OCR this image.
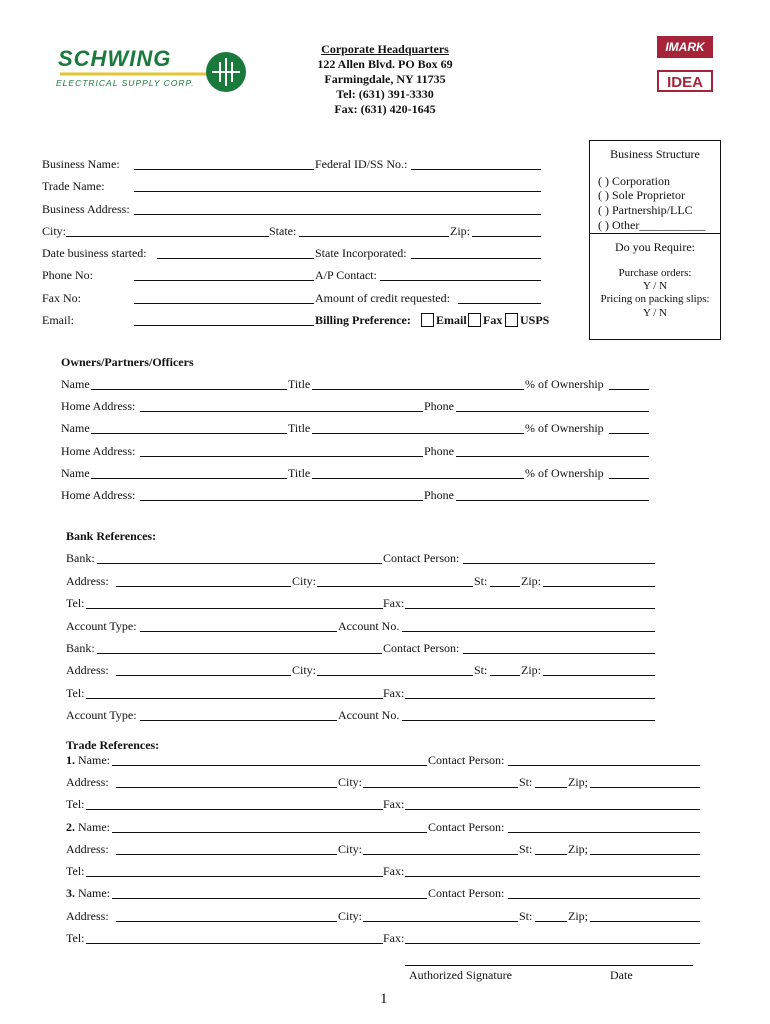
SCHWING
ELECTRICAL SUPPLY CORP.
Corporate Headquarters
122 Allen Blvd. PO Box 69
Farmingdale, NY 11735
Tel: (631) 391-3330
Fax: (631) 420-1645
IMARK
IDEA
Business Structure
( ) Corporation
( ) Sole Proprietor
( ) Partnership/LLC
( ) Other___________
Do you Require:
Purchase orders:
Y / N
Pricing on packing slips:
Y / N
Business Name:	Federal ID/SS No.:
Trade Name:
Business Address:
City:	State:	Zip:
Date business started:	State Incorporated:
Phone No:	A/P Contact:
Fax No:	Amount of credit requested:
Email:	Billing Preference: Email Fax USPS
Owners/Partners/Officers
Name	Title	% of Ownership
Home Address:	Phone
Name	Title	% of Ownership
Home Address:	Phone
Name	Title	% of Ownership
Home Address:	Phone
Bank References:
Bank:	Contact Person:
Address:	City:	St:	Zip:
Tel:	Fax:
Account Type:	Account No.
Bank:	Contact Person:
Address:	City:	St:	Zip:
Tel:	Fax:
Account Type:	Account No.
Trade References:
1. Name:	Contact Person:
Address:	City:	St:	Zip;
Tel:	Fax:
2. Name:	Contact Person:
Address:	City:	St:	Zip;
Tel:	Fax:
3. Name:	Contact Person:
Address:	City:	St:	Zip;
Tel:	Fax:
Authorized Signature	Date
1
